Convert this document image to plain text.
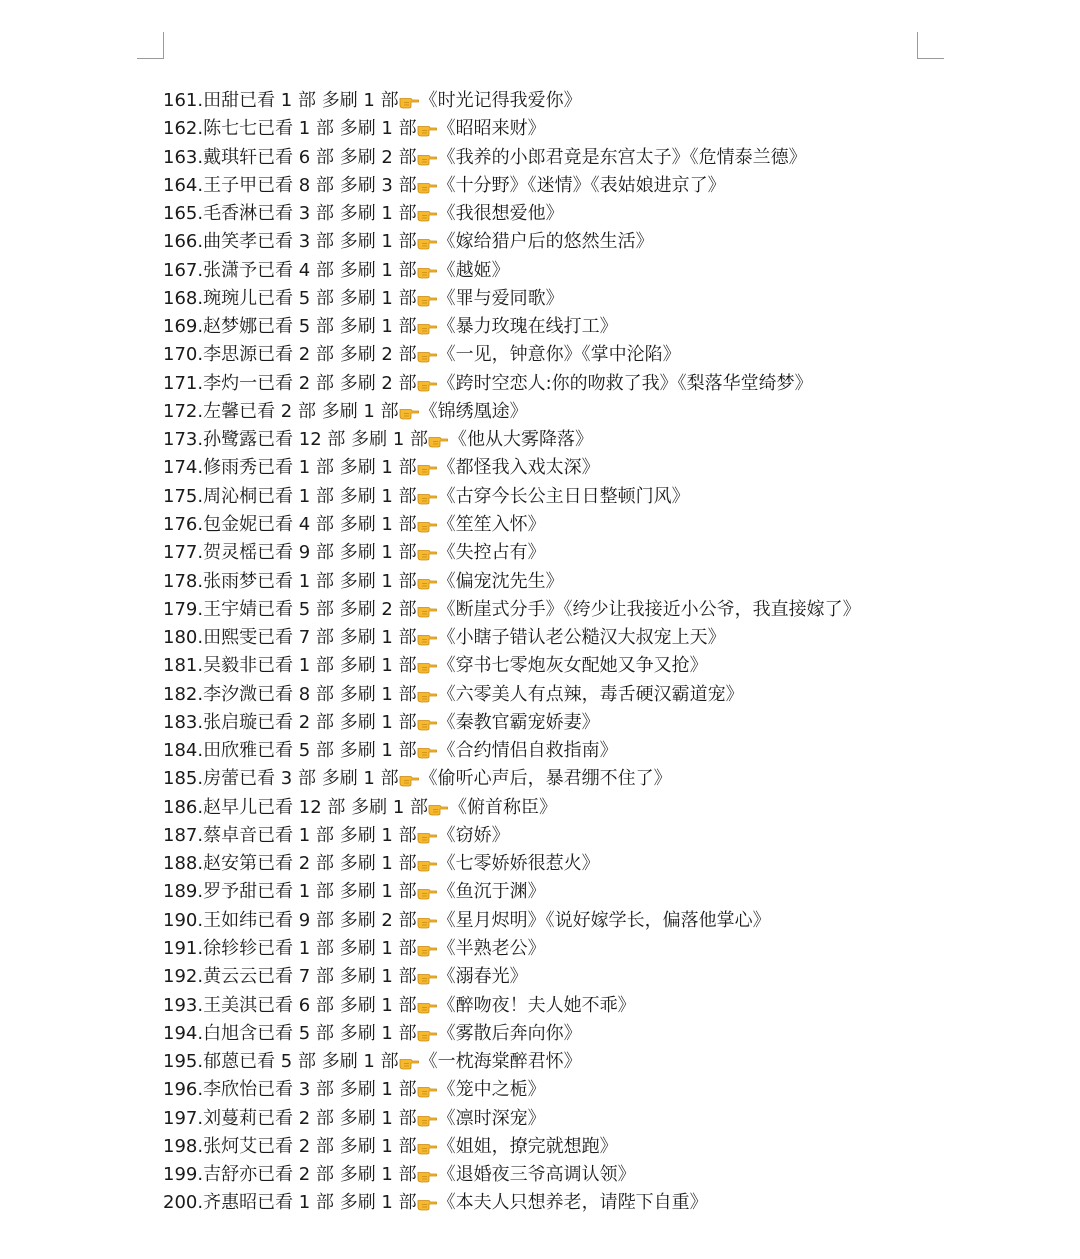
161.田甜已看 1 部 多刷 1 部 《时光记得我爱你》
162.陈七七已看 1 部 多刷 1 部 《昭昭来财》
163.戴琪轩已看 6 部 多刷 2 部 《我养的小郎君竟是东宫太子》《危情泰兰德》
164.王子甲已看 8 部 多刷 3 部 《十分野》《迷情》《表姑娘进京了》
165.毛香淋已看 3 部 多刷 1 部 《我很想爱他》
166.曲笑孝已看 3 部 多刷 1 部 《嫁给猎户后的悠然生活》
167.张潇予已看 4 部 多刷 1 部 《越姬》
168.琬琬儿已看 5 部 多刷 1 部 《罪与爱同歌》
169.赵梦娜已看 5 部 多刷 1 部 《暴力玫瑰在线打工》
170.李思源已看 2 部 多刷 2 部 《一见，钟意你》《掌中沦陷》
171.李灼一已看 2 部 多刷 2 部 《跨时空恋人:你的吻救了我》《梨落华堂绮梦》
172.左馨已看 2 部 多刷 1 部 《锦绣凰途》
173.孙鹭露已看 12 部 多刷 1 部 《他从大雾降落》
174.修雨秀已看 1 部 多刷 1 部 《都怪我入戏太深》
175.周沁桐已看 1 部 多刷 1 部 《古穿今长公主日日整顿门风》
176.包金妮已看 4 部 多刷 1 部 《笙笙入怀》
177.贺灵榣已看 9 部 多刷 1 部 《失控占有》
178.张雨梦已看 1 部 多刷 1 部 《偏宠沈先生》
179.王宇婧已看 5 部 多刷 2 部 《断崖式分手》《绔少让我接近小公爷，我直接嫁了》
180.田熙雯已看 7 部 多刷 1 部 《小瞎子错认老公糙汉大叔宠上天》
181.吴毅非已看 1 部 多刷 1 部 《穿书七零炮灰女配她又争又抢》
182.李汐溦已看 8 部 多刷 1 部 《六零美人有点辣，毒舌硬汉霸道宠》
183.张启璇已看 2 部 多刷 1 部 《秦教官霸宠娇妻》
184.田欣雅已看 5 部 多刷 1 部 《合约情侣自救指南》
185.房蕾已看 3 部 多刷 1 部 《偷听心声后，暴君绷不住了》
186.赵早儿已看 12 部 多刷 1 部 《俯首称臣》
187.蔡卓音已看 1 部 多刷 1 部 《窃娇》
188.赵安第已看 2 部 多刷 1 部 《七零娇娇很惹火》
189.罗予甜已看 1 部 多刷 1 部 《鱼沉于渊》
190.王如纬已看 9 部 多刷 2 部 《星月烬明》《说好嫁学长，偏落他掌心》
191.徐轸轸已看 1 部 多刷 1 部 《半熟老公》
192.黄云云已看 7 部 多刷 1 部 《溺春光》
193.王美淇已看 6 部 多刷 1 部 《醉吻夜！夫人她不乖》
194.白旭含已看 5 部 多刷 1 部 《雾散后奔向你》
195.郁蒽已看 5 部 多刷 1 部 《一枕海棠醉君怀》
196.李欣怡已看 3 部 多刷 1 部 《笼中之栀》
197.刘蔓莉已看 2 部 多刷 1 部 《凛时深宠》
198.张炣艾已看 2 部 多刷 1 部 《姐姐，撩完就想跑》
199.吉舒亦已看 2 部 多刷 1 部 《退婚夜三爷高调认领》
200.齐惠昭已看 1 部 多刷 1 部 《本夫人只想养老，请陛下自重》
